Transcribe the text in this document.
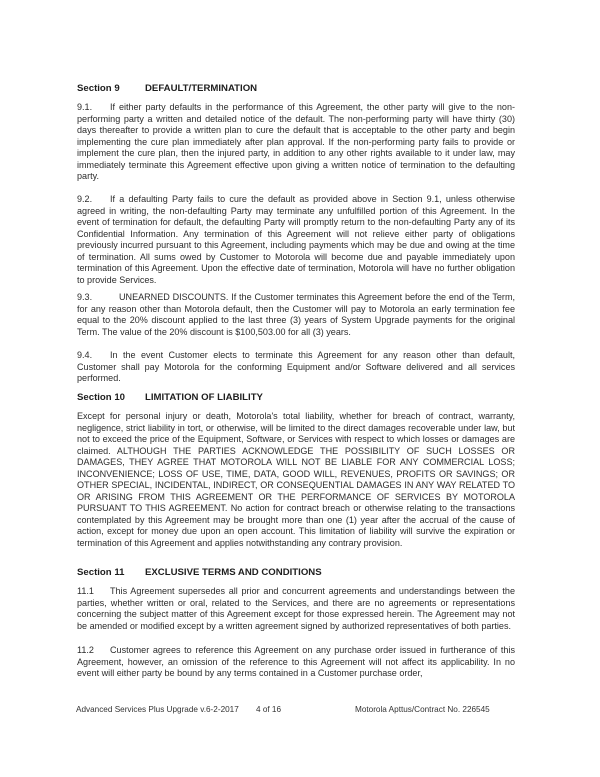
Section 9	DEFAULT/TERMINATION
9.1. If either party defaults in the performance of this Agreement, the other party will give to the non-performing party a written and detailed notice of the default. The non-performing party will have thirty (30) days thereafter to provide a written plan to cure the default that is acceptable to the other party and begin implementing the cure plan immediately after plan approval. If the non-performing party fails to provide or implement the cure plan, then the injured party, in addition to any other rights available to it under law, may immediately terminate this Agreement effective upon giving a written notice of termination to the defaulting party.
9.2. If a defaulting Party fails to cure the default as provided above in Section 9.1, unless otherwise agreed in writing, the non-defaulting Party may terminate any unfulfilled portion of this Agreement. In the event of termination for default, the defaulting Party will promptly return to the non-defaulting Party any of its Confidential Information. Any termination of this Agreement will not relieve either party of obligations previously incurred pursuant to this Agreement, including payments which may be due and owing at the time of termination. All sums owed by Customer to Motorola will become due and payable immediately upon termination of this Agreement. Upon the effective date of termination, Motorola will have no further obligation to provide Services.
9.3.	UNEARNED DISCOUNTS. If the Customer terminates this Agreement before the end of the Term, for any reason other than Motorola default, then the Customer will pay to Motorola an early termination fee equal to the 20% discount applied to the last three (3) years of System Upgrade payments for the original Term. The value of the 20% discount is $100,503.00 for all (3) years.
9.4. In the event Customer elects to terminate this Agreement for any reason other than default, Customer shall pay Motorola for the conforming Equipment and/or Software delivered and all services performed.
Section 10 LIMITATION OF LIABILITY
Except for personal injury or death, Motorola's total liability, whether for breach of contract, warranty, negligence, strict liability in tort, or otherwise, will be limited to the direct damages recoverable under law, but not to exceed the price of the Equipment, Software, or Services with respect to which losses or damages are claimed. ALTHOUGH THE PARTIES ACKNOWLEDGE THE POSSIBILITY OF SUCH LOSSES OR DAMAGES, THEY AGREE THAT MOTOROLA WILL NOT BE LIABLE FOR ANY COMMERCIAL LOSS; INCONVENIENCE; LOSS OF USE, TIME, DATA, GOOD WILL, REVENUES, PROFITS OR SAVINGS; OR OTHER SPECIAL, INCIDENTAL, INDIRECT, OR CONSEQUENTIAL DAMAGES IN ANY WAY RELATED TO OR ARISING FROM THIS AGREEMENT OR THE PERFORMANCE OF SERVICES BY MOTOROLA PURSUANT TO THIS AGREEMENT. No action for contract breach or otherwise relating to the transactions contemplated by this Agreement may be brought more than one (1) year after the accrual of the cause of action, except for money due upon an open account. This limitation of liability will survive the expiration or termination of this Agreement and applies notwithstanding any contrary provision.
Section 11 EXCLUSIVE TERMS AND CONDITIONS
11.1 This Agreement supersedes all prior and concurrent agreements and understandings between the parties, whether written or oral, related to the Services, and there are no agreements or representations concerning the subject matter of this Agreement except for those expressed herein. The Agreement may not be amended or modified except by a written agreement signed by authorized representatives of both parties.
11.2 Customer agrees to reference this Agreement on any purchase order issued in furtherance of this Agreement, however, an omission of the reference to this Agreement will not affect its applicability. In no event will either party be bound by any terms contained in a Customer purchase order,
Advanced Services Plus Upgrade v.6-2-2017 4 of 16	Motorola Apttus/Contract No. 226545
